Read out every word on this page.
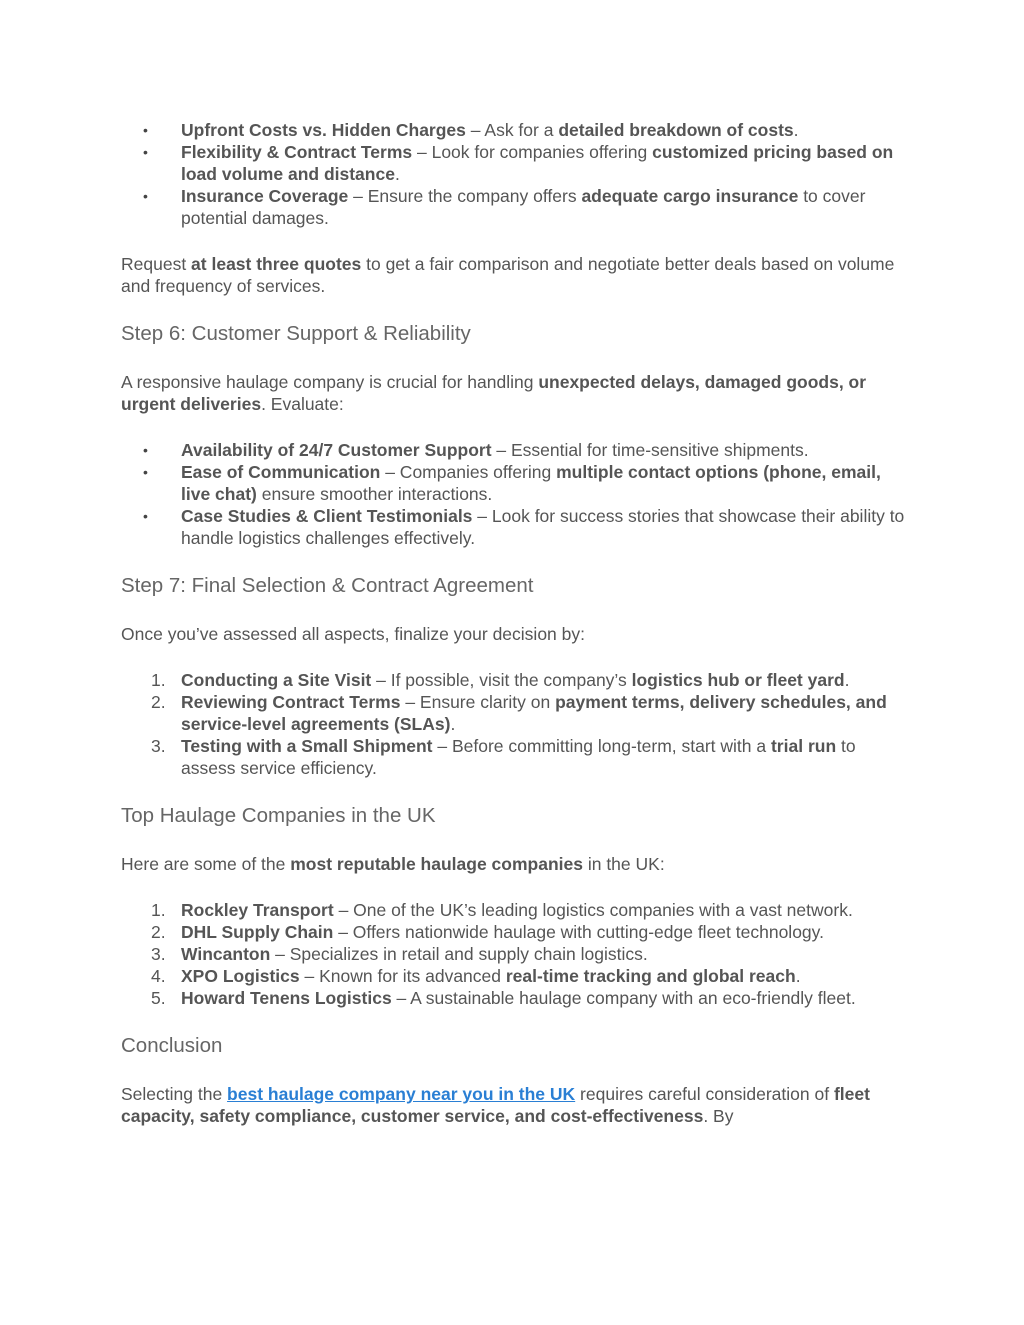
• Upfront Costs vs. Hidden Charges – Ask for a detailed breakdown of costs.
• Flexibility & Contract Terms – Look for companies offering customized pricing based on load volume and distance.
• Insurance Coverage – Ensure the company offers adequate cargo insurance to cover potential damages.

Request at least three quotes to get a fair comparison and negotiate better deals based on volume and frequency of services.

Step 6: Customer Support & Reliability

A responsive haulage company is crucial for handling unexpected delays, damaged goods, or urgent deliveries. Evaluate:

• Availability of 24/7 Customer Support – Essential for time-sensitive shipments.
• Ease of Communication – Companies offering multiple contact options (phone, email, live chat) ensure smoother interactions.
• Case Studies & Client Testimonials – Look for success stories that showcase their ability to handle logistics challenges effectively.
Step 7: Final Selection & Contract Agreement

Once you’ve assessed all aspects, finalize your decision by:

1. Conducting a Site Visit – If possible, visit the company’s logistics hub or fleet yard.
2. Reviewing Contract Terms – Ensure clarity on payment terms, delivery schedules, and service-level agreements (SLAs).
3. Testing with a Small Shipment – Before committing long-term, start with a trial run to assess service efficiency.
Top Haulage Companies in the UK

Here are some of the most reputable haulage companies in the UK:

1. Rockley Transport – One of the UK’s leading logistics companies with a vast network.
2. DHL Supply Chain – Offers nationwide haulage with cutting-edge fleet technology.
3. Wincanton – Specializes in retail and supply chain logistics.
4. XPO Logistics – Known for its advanced real-time tracking and global reach.
5. Howard Tenens Logistics – A sustainable haulage company with an eco-friendly fleet.
Conclusion

Selecting the best haulage company near you in the UK requires careful consideration of fleet capacity, safety compliance, customer service, and cost-effectiveness. By
